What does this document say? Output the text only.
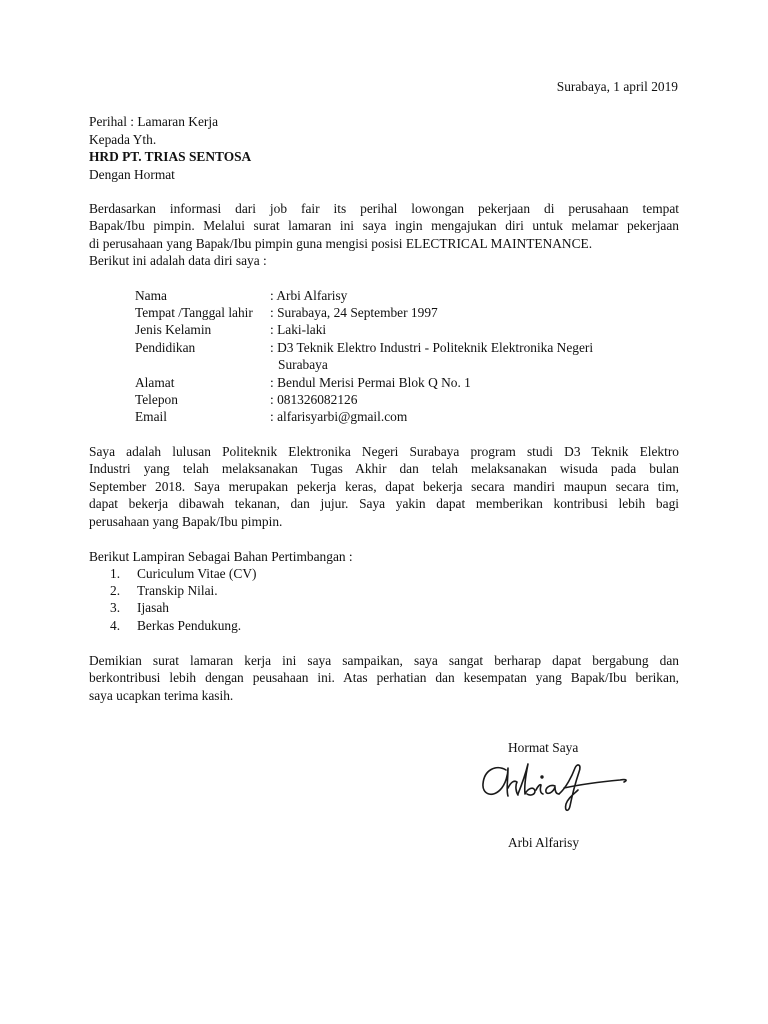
Surabaya, 1 april 2019
Perihal : Lamaran Kerja
Kepada Yth.
HRD PT. TRIAS SENTOSA
Dengan Hormat
Berdasarkan informasi dari job fair its perihal lowongan pekerjaan di perusahaan tempat
Bapak/Ibu pimpin. Melalui surat lamaran ini saya ingin mengajukan diri untuk melamar pekerjaan
di perusahaan yang Bapak/Ibu pimpin guna mengisi posisi ELECTRICAL MAINTENANCE.
Berikut ini adalah data diri saya :
Nama	: Arbi Alfarisy
Tempat /Tanggal lahir : Surabaya, 24 September 1997
Jenis Kelamin	: Laki-laki
Pendidikan	: D3 Teknik Elektro Industri - Politeknik Elektronika Negeri
Surabaya
Alamat	: Bendul Merisi Permai Blok Q No. 1
Telepon	: 081326082126
Email	: alfarisyarbi@gmail.com
Saya adalah lulusan Politeknik Elektronika Negeri Surabaya program studi D3 Teknik Elektro
Industri yang telah melaksanakan Tugas Akhir dan telah melaksanakan wisuda pada bulan
September 2018. Saya merupakan pekerja keras, dapat bekerja secara mandiri maupun secara tim,
dapat bekerja dibawah tekanan, dan jujur. Saya yakin dapat memberikan kontribusi lebih bagi
perusahaan yang Bapak/Ibu pimpin.
Berikut Lampiran Sebagai Bahan Pertimbangan :
1. Curiculum Vitae (CV)
2. Transkip Nilai.
3. Ijasah
4. Berkas Pendukung.
Demikian surat lamaran kerja ini saya sampaikan, saya sangat berharap dapat bergabung dan
berkontribusi lebih dengan peusahaan ini. Atas perhatian dan kesempatan yang Bapak/Ibu berikan,
saya ucapkan terima kasih.
Hormat Saya
Arbi Alfarisy
